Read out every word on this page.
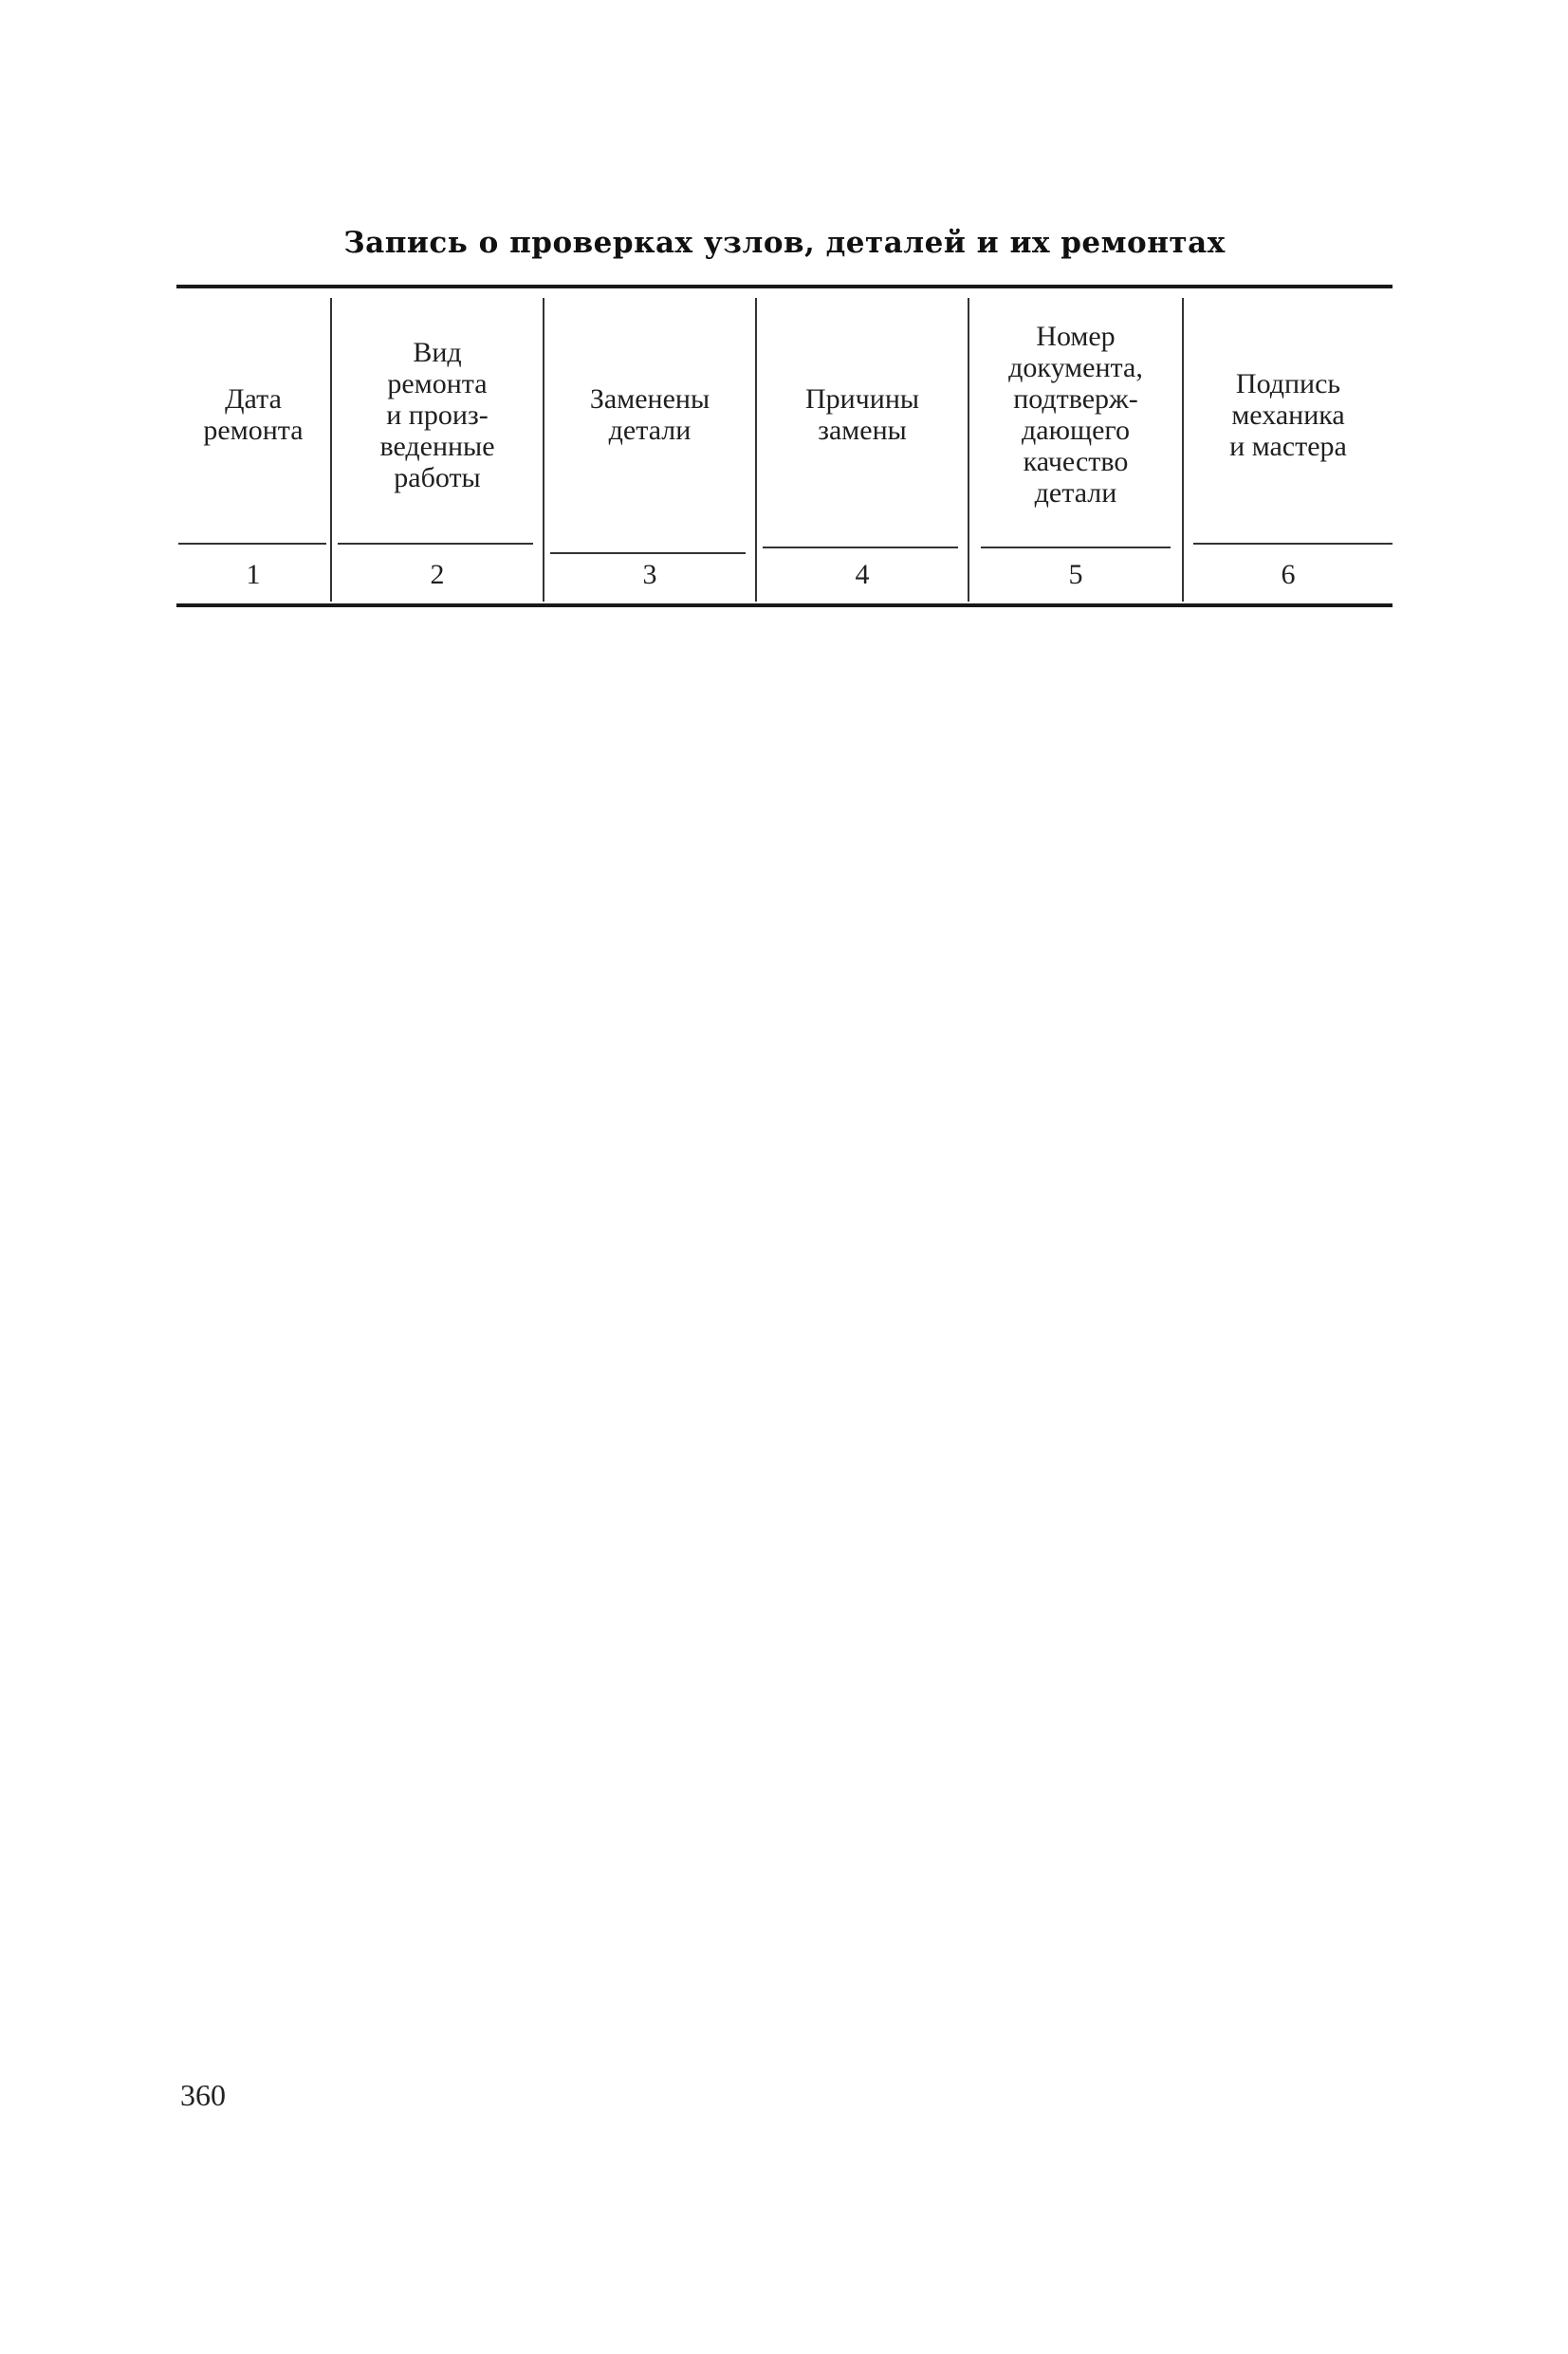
Запись о проверках узлов, деталей и их ремонтах
Дата
ремонта
1
Вид
ремонта
и произ-
веденные
работы
2
Заменены
детали
3
Причины
замены
4
Номер
документа,
подтверж-
дающего
качество
детали
5
Подпись
механика
и мастера
6
360
